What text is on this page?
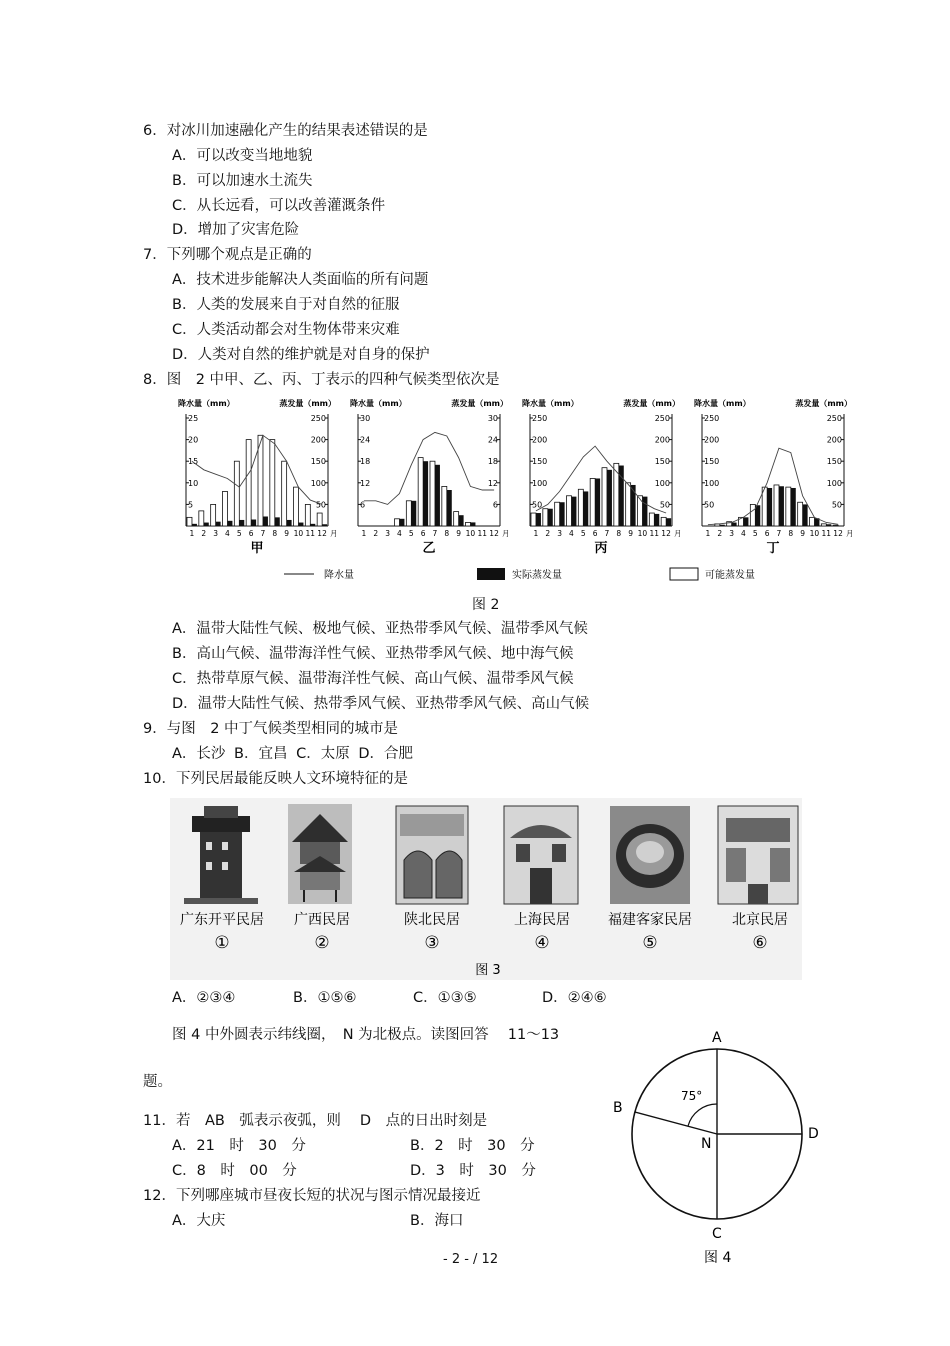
6．对冰川加速融化产生的结果表述错误的是
A．可以改变当地地貌
B．可以加速水土流失
C．从长远看，可以改善灌溉条件
D．增加了灾害危险
7．下列哪个观点是正确的
A．技术进步能解决人类面临的所有问题
B．人类的发展来自于对自然的征服
C．人类活动都会对生物体带来灾难
D．人类对自然的维护就是对自身的保护
8．图　2 中甲、乙、丙、丁表示的四种气候类型依次是
降水量（mm）	蒸发量（mm）
5
10
15
20
25
50
100
150
200
250
1 2 3 4 5 6 7 8 9 10 11 12 月
甲
降水量（mm）	蒸发量（mm）
6
12
18
24
30
6
12
18
24
30
1 2 3 4 5 6 7 8 9 10 11 12 月
乙
降水量（mm）	蒸发量（mm）
50
100
150
200
250
50
100
150
200
250
1 2 3 4 5 6 7 8 9 10 11 12 月
丙
降水量（mm）	蒸发量（mm）
50
100
150
200
250
50
100
150
200
250
1 2 3 4 5 6 7 8 9 10 11 12 月
丁
降水量	实际蒸发量	可能蒸发量
图 2
A．温带大陆性气候、极地气候、亚热带季风气候、温带季风气候
B．高山气候、温带海洋性气候、亚热带季风气候、地中海气候
C．热带草原气候、温带海洋性气候、高山气候、温带季风气候
D．温带大陆性气候、热带季风气候、亚热带季风气候、高山气候
9．与图　2 中丁气候类型相同的城市是
A．长沙 B．宜昌 C．太原 D．合肥
10．下列民居最能反映人文环境特征的是
广东开平民居
①
广西民居
②
陕北民居
③
上海民居
④
福建客家民居
⑤
北京民居
⑥
图 3
A．②③④	B．①⑤⑥	C．①③⑤	D．②④⑥
图 4 中外圆表示纬线圈，　N 为北极点。读图回答　 11～13
题。
11．若　AB　弧表示夜弧，则　 D　点的日出时刻是
A．21　时　30　分	B．2　时　30　分
C．8　时　00　分	D．3　时　30　分
12．下列哪座城市昼夜长短的状况与图示情况最接近
A．大庆	B．海口
75°
A
B
C
D
N
图 4
- 2 - / 12
